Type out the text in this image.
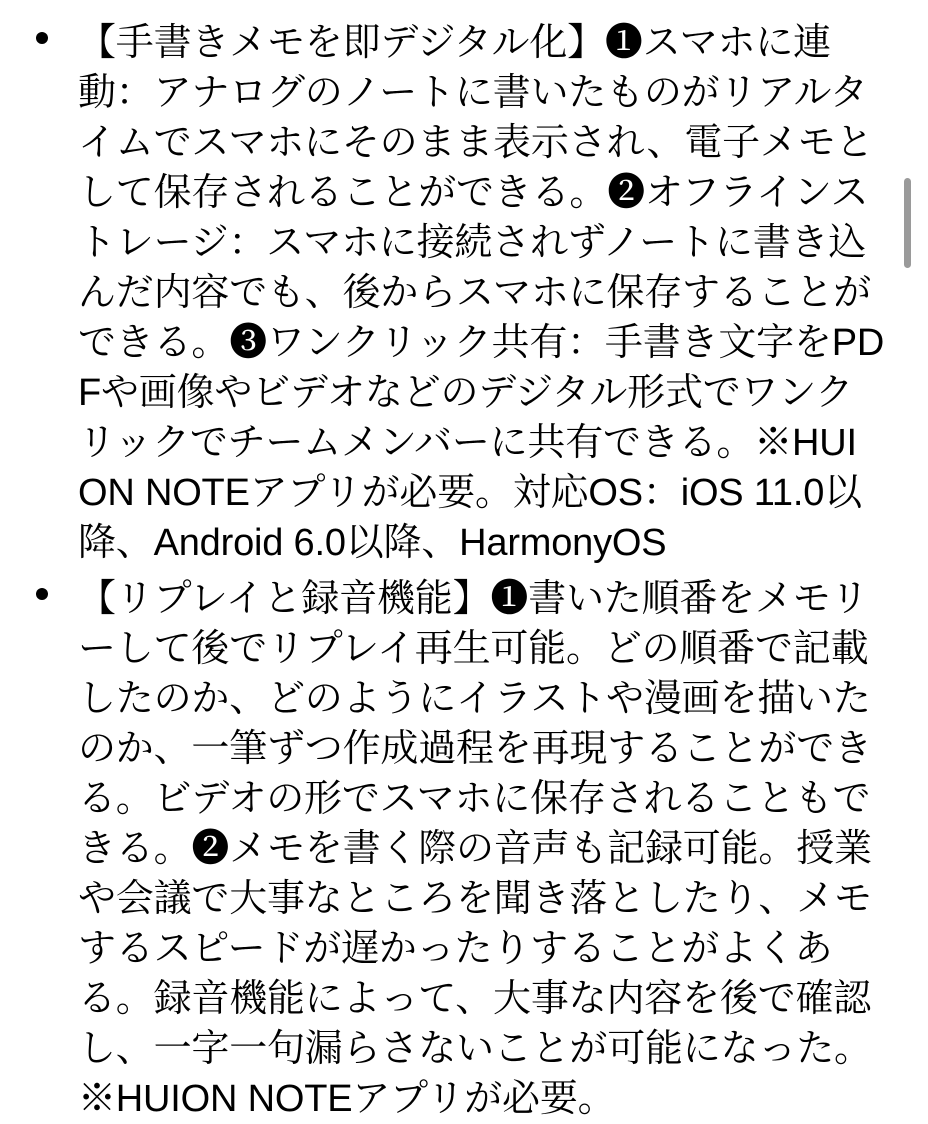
【手書きメモを即デジタル化】❶スマホに連動：アナログのノートに書いたものがリアルタイムでスマホにそのまま表示され、電子メモとして保存されることができる。❷オフラインストレージ：スマホに接続されずノートに書き込んだ内容でも、後からスマホに保存することができる。❸ワンクリック共有：手書き文字をPDFや画像やビデオなどのデジタル形式でワンクリックでチームメンバーに共有できる。※HUION NOTEアプリが必要。対応OS：iOS 11.0以降、Android 6.0以降、HarmonyOS
【リプレイと録音機能】❶書いた順番をメモリーして後でリプレイ再生可能。どの順番で記載したのか、どのようにイラストや漫画を描いたのか、一筆ずつ作成過程を再現することができる。ビデオの形でスマホに保存されることもできる。❷メモを書く際の音声も記録可能。授業や会議で大事なところを聞き落としたり、メモするスピードが遅かったりすることがよくある。録音機能によって、大事な内容を後で確認し、一字一句漏らさないことが可能になった。※HUION NOTEアプリが必要。
